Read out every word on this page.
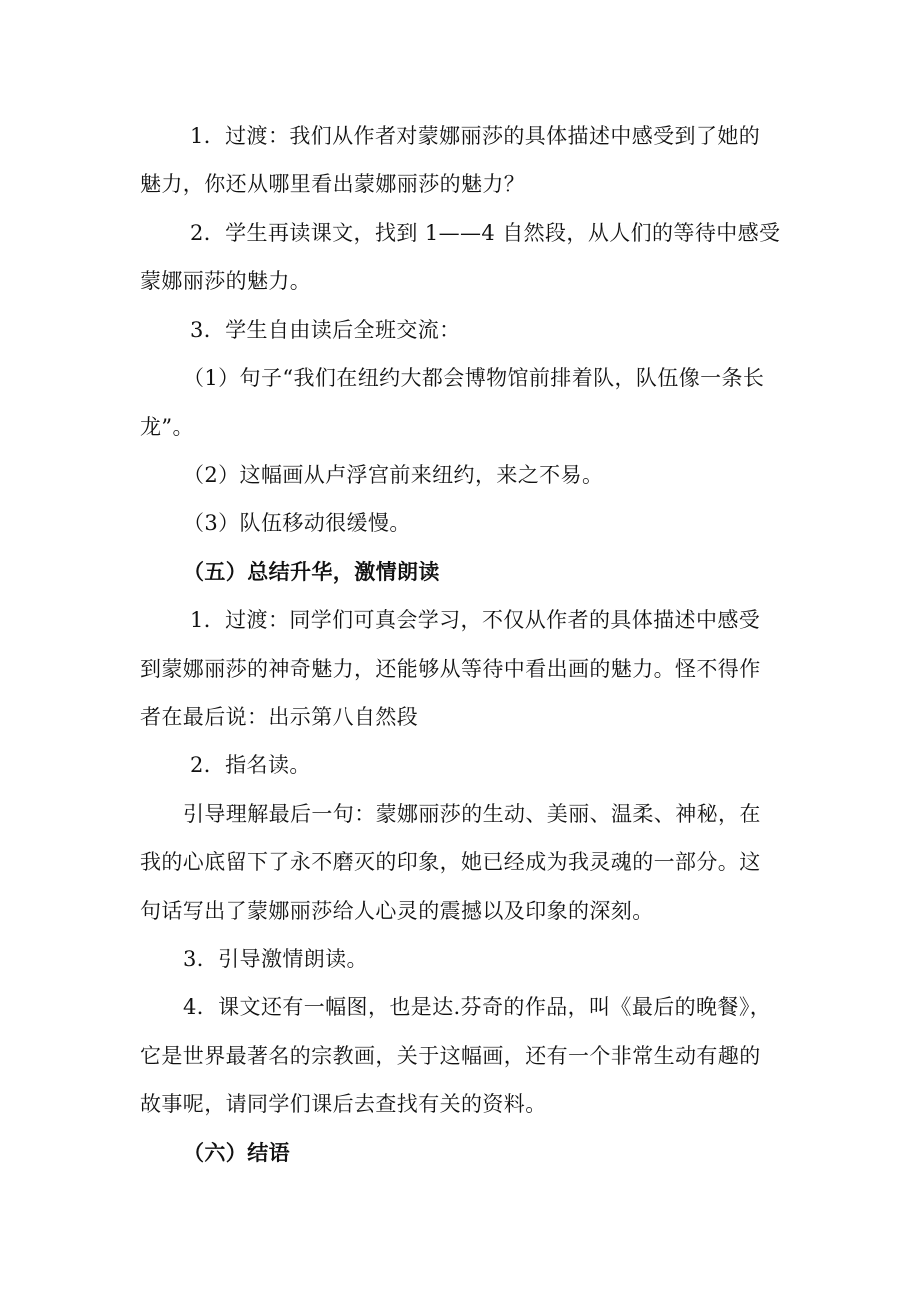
1．过渡：我们从作者对蒙娜丽莎的具体描述中感受到了她的
魅力，你还从哪里看出蒙娜丽莎的魅力？
2．学生再读课文，找到 1——4 自然段，从人们的等待中感受
蒙娜丽莎的魅力。
3．学生自由读后全班交流：
（1）句子“我们在纽约大都会博物馆前排着队，队伍像一条长
龙”。
（2）这幅画从卢浮宫前来纽约，来之不易。
（3）队伍移动很缓慢。
（五）总结升华，激情朗读
1．过渡：同学们可真会学习，不仅从作者的具体描述中感受
到蒙娜丽莎的神奇魅力，还能够从等待中看出画的魅力。怪不得作
者在最后说：出示第八自然段
2．指名读。
引导理解最后一句：蒙娜丽莎的生动、美丽、温柔、神秘，在
我的心底留下了永不磨灭的印象，她已经成为我灵魂的一部分。这
句话写出了蒙娜丽莎给人心灵的震撼以及印象的深刻。
3．引导激情朗读。
4．课文还有一幅图，也是达.芬奇的作品，叫《最后的晚餐》，
它是世界最著名的宗教画，关于这幅画，还有一个非常生动有趣的
故事呢，请同学们课后去查找有关的资料。
（六）结语
